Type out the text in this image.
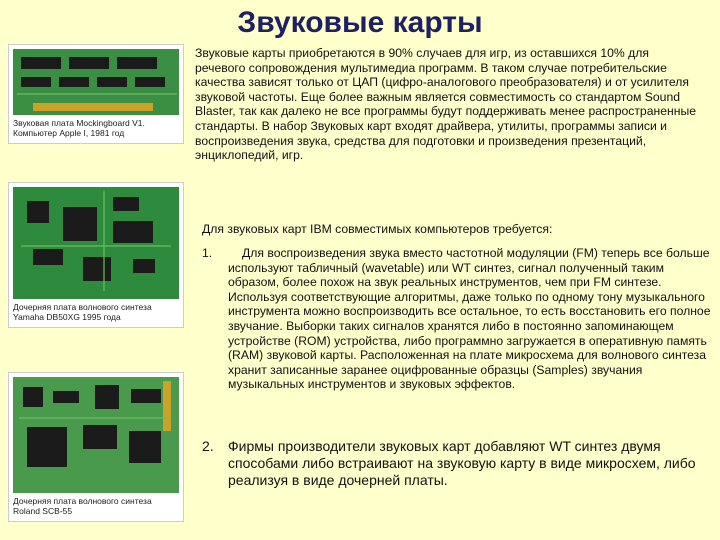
Звуковые карты
Звуковая плата Mockingboard V1. Компьютер Apple I, 1981 год
Дочерняя плата волнового синтеза Yamaha DB50XG 1995 года
Дочерняя плата волнового синтеза Roland SCB-55
Звуковые карты приобретаются в 90% случаев для игр, из оставшихся 10% для речевого сопровождения мультимедиа программ. В таком случае потребительские качества зависят только от ЦАП (цифро-аналогового преобразователя) и от усилителя звуковой частоты. Еще более важным является совместимость со стандартом Sound Blaster, так как далеко не все программы будут поддерживать менее распространенные стандарты. В набор Звуковых карт входят драйвера, утилиты, программы записи и воспроизведения звука, средства для подготовки и произведения презентаций, энциклопедий, игр.
Для звуковых карт IBM совместимых компьютеров требуется:
1.	Для воспроизведения звука вместо частотной модуляции (FM) теперь все больше используют табличный (wavetable) или WT синтез, сигнал полученный таким образом, более похож на звук реальных инструментов, чем при FM синтезе. Используя соответствующие алгоритмы, даже только по одному тону музыкального инструмента можно воспроизводить все остальное, то есть восстановить его полное звучание. Выборки таких сигналов хранятся либо в постоянно запоминающем устройстве (ROM) устройства, либо программно загружается в оперативную память (RAM) звуковой карты. Расположенная на плате микросхема для волнового синтеза хранит записанные заранее оцифрованные образцы (Samples) звучания музыкальных инструментов и звуковых эффектов.
2. Фирмы производители звуковых карт добавляют WT синтез двумя способами либо встраивают на звуковую карту в виде микросхем, либо реализуя в виде дочерней платы.
